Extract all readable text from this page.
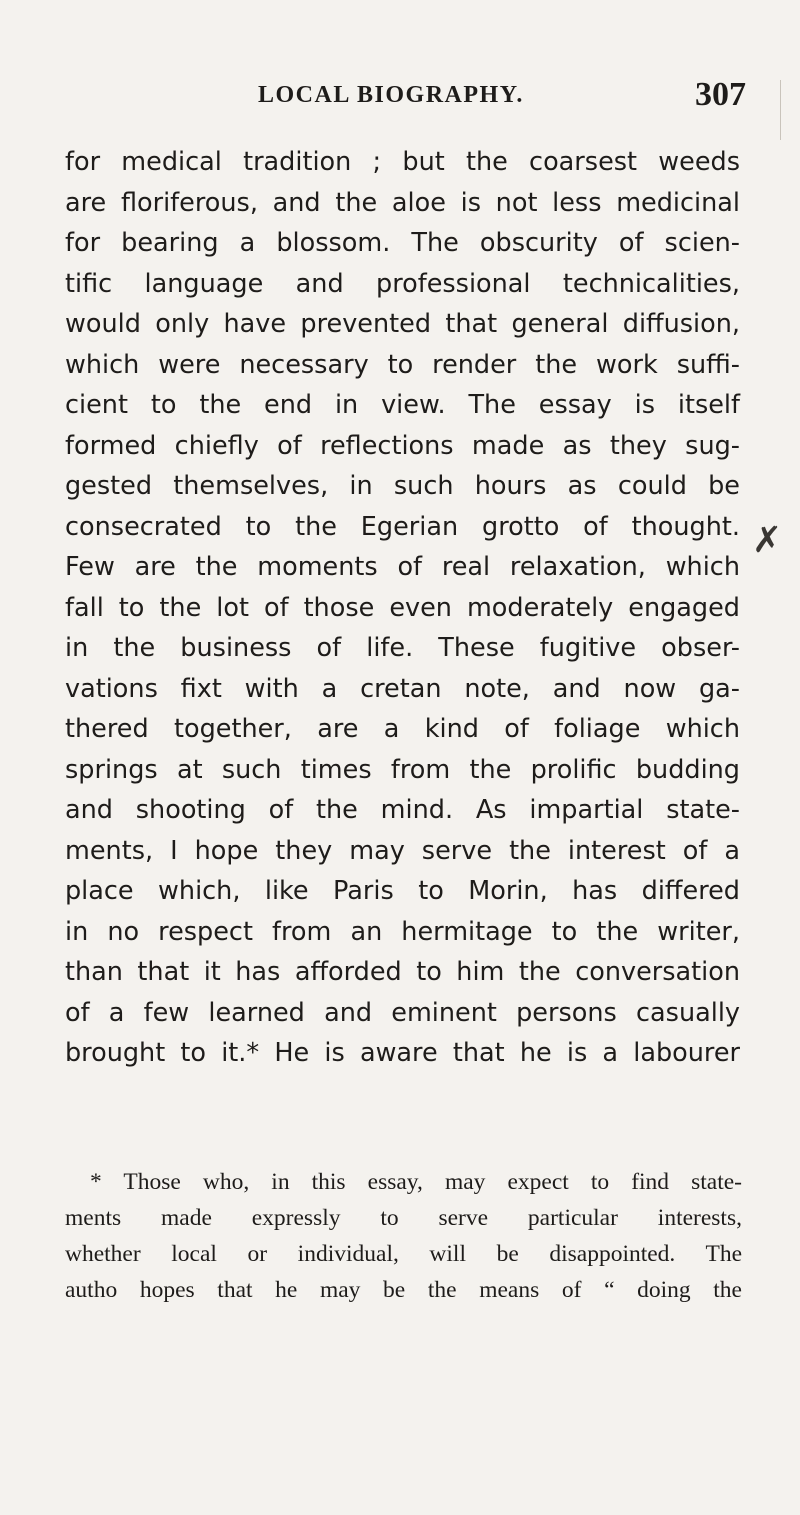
LOCAL BIOGRAPHY.	307
for medical tradition ; but the coarsest weeds
are floriferous, and the aloe is not less medicinal
for bearing a blossom. The obscurity of scien-
tific language and professional technicalities,
would only have prevented that general diffusion,
which were necessary to render the work suffi-
cient to the end in view. The essay is itself
formed chiefly of reflections made as they sug-
gested themselves, in such hours as could be
consecrated to the Egerian grotto of thought.
Few are the moments of real relaxation, which
fall to the lot of those even moderately engaged
in the business of life. These fugitive obser-
vations fixt with a cretan note, and now ga-
thered together, are a kind of foliage which
springs at such times from the prolific budding
and shooting of the mind. As impartial state-
ments, I hope they may serve the interest of a
place which, like Paris to Morin, has differed
in no respect from an hermitage to the writer,
than that it has afforded to him the conversation
of a few learned and eminent persons casually
brought to it.* He is aware that he is a labourer
✗
* Those who, in this essay, may expect to find state-
ments made expressly to serve particular interests,
whether local or individual, will be disappointed. The
autho hopes that he may be the means of “ doing the
